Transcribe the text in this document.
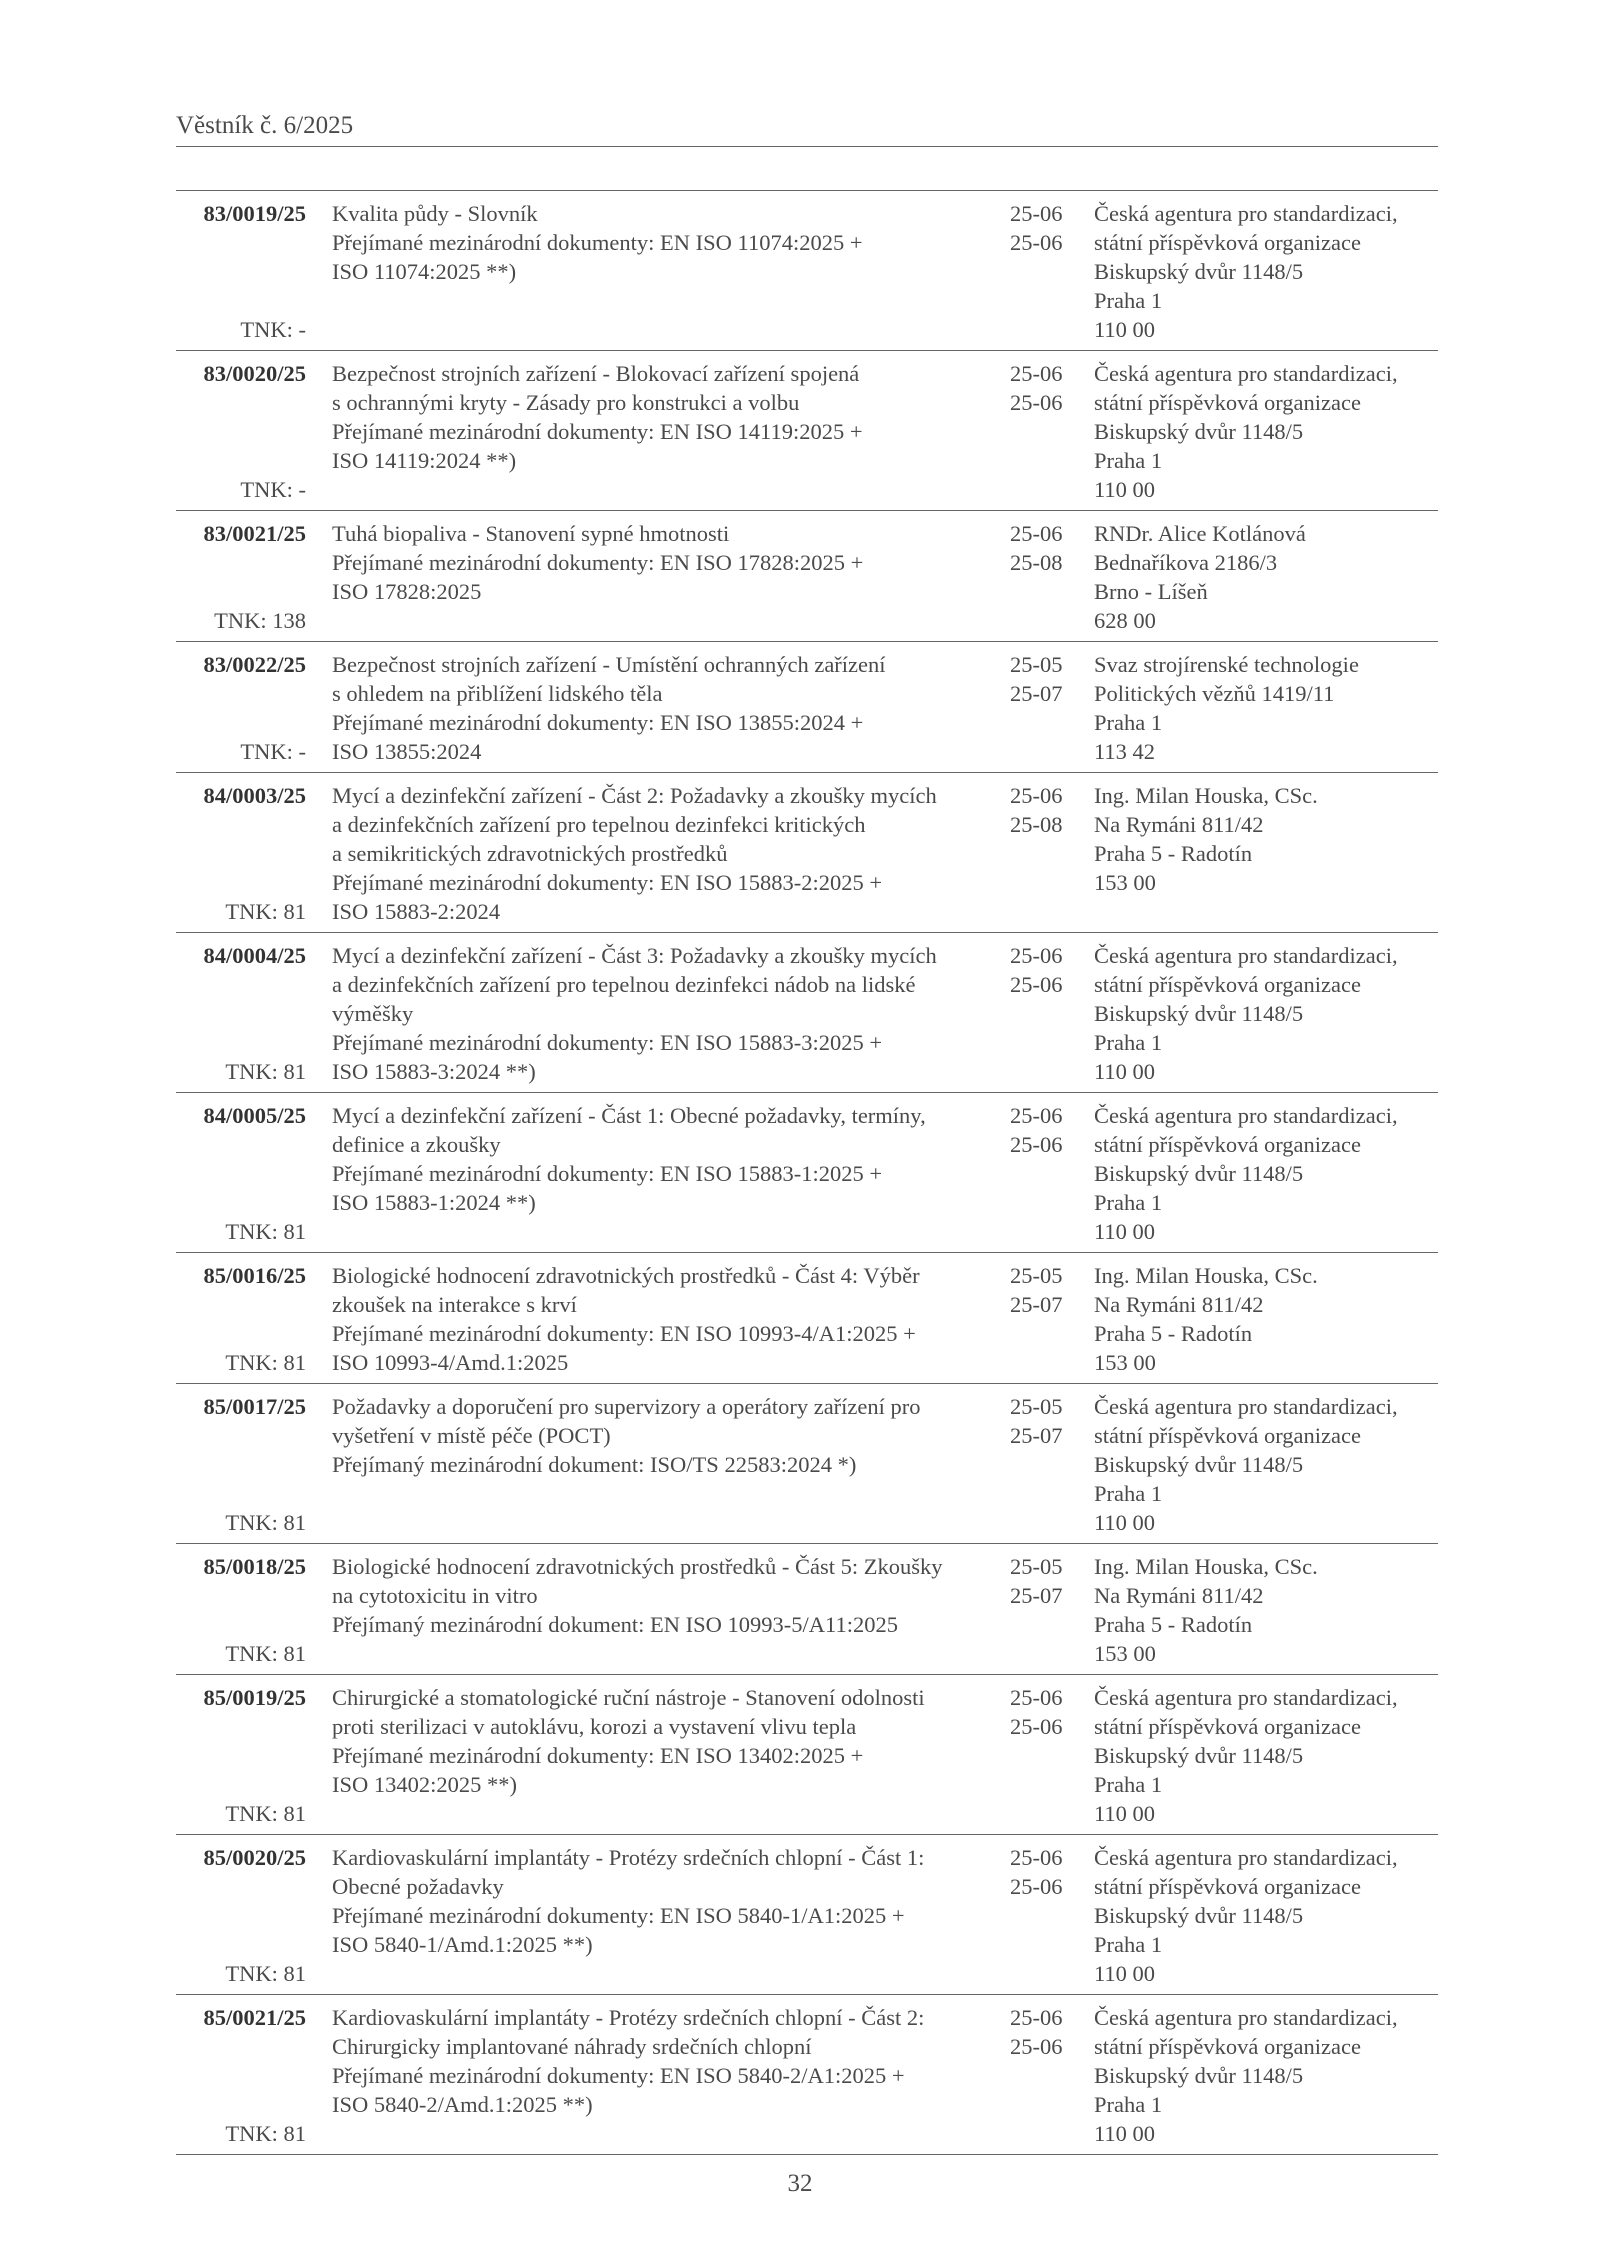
Věstník č. 6/2025
83/0019/25
TNK: -
Kvalita půdy - Slovník
Přejímané mezinárodní dokumenty: EN ISO 11074:2025 +
ISO 11074:2025 **)
25-06
25-06
Česká agentura pro standardizaci,
státní příspěvková organizace
Biskupský dvůr 1148/5
Praha 1
110 00
83/0020/25
TNK: -
Bezpečnost strojních zařízení - Blokovací zařízení spojená
s ochrannými kryty - Zásady pro konstrukci a volbu
Přejímané mezinárodní dokumenty: EN ISO 14119:2025 +
ISO 14119:2024 **)
25-06
25-06
Česká agentura pro standardizaci,
státní příspěvková organizace
Biskupský dvůr 1148/5
Praha 1
110 00
83/0021/25
TNK: 138
Tuhá biopaliva - Stanovení sypné hmotnosti
Přejímané mezinárodní dokumenty: EN ISO 17828:2025 +
ISO 17828:2025
25-06
25-08
RNDr. Alice Kotlánová
Bednaříkova 2186/3
Brno - Líšeň
628 00
83/0022/25
TNK: -
Bezpečnost strojních zařízení - Umístění ochranných zařízení
s ohledem na přiblížení lidského těla
Přejímané mezinárodní dokumenty: EN ISO 13855:2024 +
ISO 13855:2024
25-05
25-07
Svaz strojírenské technologie
Politických vězňů 1419/11
Praha 1
113 42
84/0003/25
TNK: 81
Mycí a dezinfekční zařízení - Část 2: Požadavky a zkoušky mycích
a dezinfekčních zařízení pro tepelnou dezinfekci kritických
a semikritických zdravotnických prostředků
Přejímané mezinárodní dokumenty: EN ISO 15883-2:2025 +
ISO 15883-2:2024
25-06
25-08
Ing. Milan Houska, CSc.
Na Rymáni 811/42
Praha 5 - Radotín
153 00
84/0004/25
TNK: 81
Mycí a dezinfekční zařízení - Část 3: Požadavky a zkoušky mycích
a dezinfekčních zařízení pro tepelnou dezinfekci nádob na lidské
výměšky
Přejímané mezinárodní dokumenty: EN ISO 15883-3:2025 +
ISO 15883-3:2024 **)
25-06
25-06
Česká agentura pro standardizaci,
státní příspěvková organizace
Biskupský dvůr 1148/5
Praha 1
110 00
84/0005/25
TNK: 81
Mycí a dezinfekční zařízení - Část 1: Obecné požadavky, termíny,
definice a zkoušky
Přejímané mezinárodní dokumenty: EN ISO 15883-1:2025 +
ISO 15883-1:2024 **)
25-06
25-06
Česká agentura pro standardizaci,
státní příspěvková organizace
Biskupský dvůr 1148/5
Praha 1
110 00
85/0016/25
TNK: 81
Biologické hodnocení zdravotnických prostředků - Část 4: Výběr
zkoušek na interakce s krví
Přejímané mezinárodní dokumenty: EN ISO 10993-4/A1:2025 +
ISO 10993-4/Amd.1:2025
25-05
25-07
Ing. Milan Houska, CSc.
Na Rymáni 811/42
Praha 5 - Radotín
153 00
85/0017/25
TNK: 81
Požadavky a doporučení pro supervizory a operátory zařízení pro
vyšetření v místě péče (POCT)
Přejímaný mezinárodní dokument: ISO/TS 22583:2024 *)
25-05
25-07
Česká agentura pro standardizaci,
státní příspěvková organizace
Biskupský dvůr 1148/5
Praha 1
110 00
85/0018/25
TNK: 81
Biologické hodnocení zdravotnických prostředků - Část 5: Zkoušky
na cytotoxicitu in vitro
Přejímaný mezinárodní dokument: EN ISO 10993-5/A11:2025
25-05
25-07
Ing. Milan Houska, CSc.
Na Rymáni 811/42
Praha 5 - Radotín
153 00
85/0019/25
TNK: 81
Chirurgické a stomatologické ruční nástroje - Stanovení odolnosti
proti sterilizaci v autoklávu, korozi a vystavení vlivu tepla
Přejímané mezinárodní dokumenty: EN ISO 13402:2025 +
ISO 13402:2025 **)
25-06
25-06
Česká agentura pro standardizaci,
státní příspěvková organizace
Biskupský dvůr 1148/5
Praha 1
110 00
85/0020/25
TNK: 81
Kardiovaskulární implantáty - Protézy srdečních chlopní - Část 1:
Obecné požadavky
Přejímané mezinárodní dokumenty: EN ISO 5840-1/A1:2025 +
ISO 5840-1/Amd.1:2025 **)
25-06
25-06
Česká agentura pro standardizaci,
státní příspěvková organizace
Biskupský dvůr 1148/5
Praha 1
110 00
85/0021/25
TNK: 81
Kardiovaskulární implantáty - Protézy srdečních chlopní - Část 2:
Chirurgicky implantované náhrady srdečních chlopní
Přejímané mezinárodní dokumenty: EN ISO 5840-2/A1:2025 +
ISO 5840-2/Amd.1:2025 **)
25-06
25-06
Česká agentura pro standardizaci,
státní příspěvková organizace
Biskupský dvůr 1148/5
Praha 1
110 00
32
